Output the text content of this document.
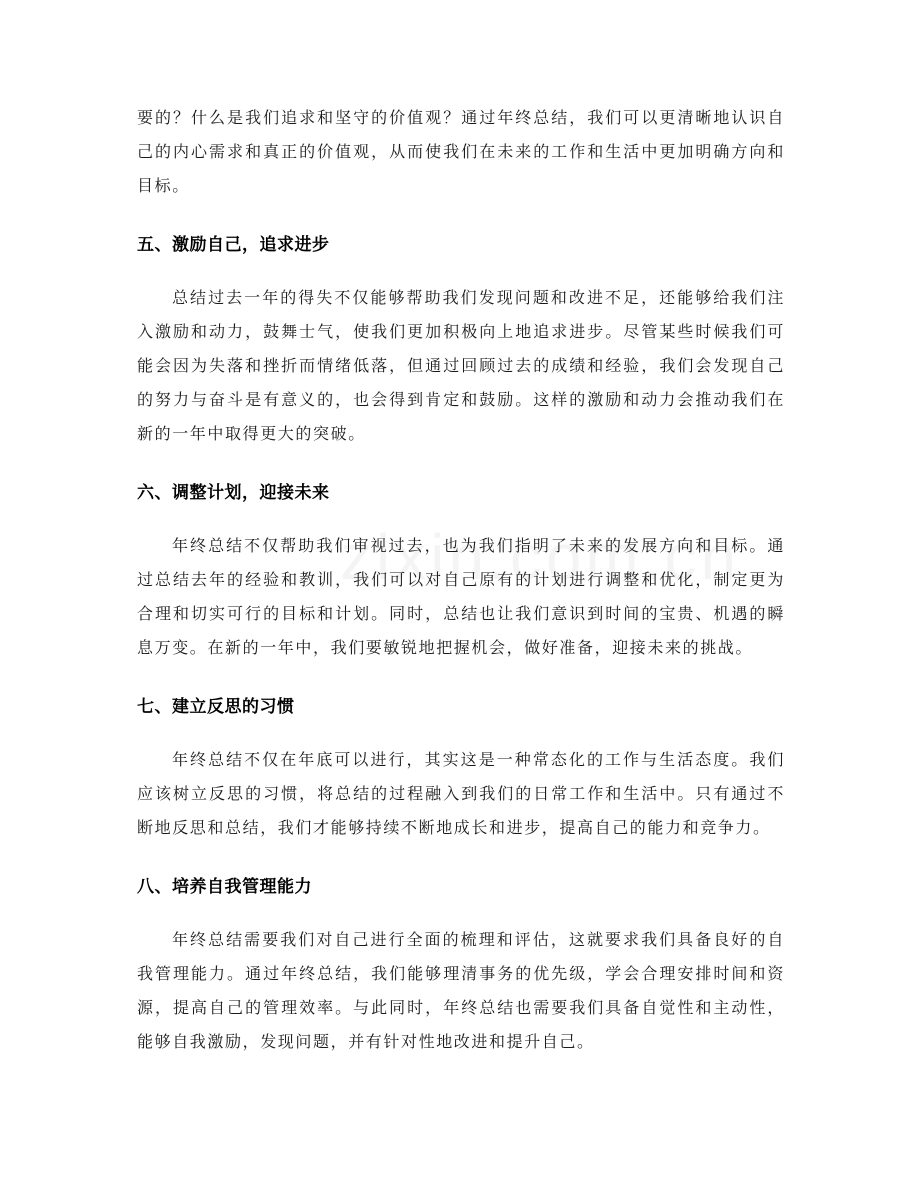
要的？什么是我们追求和坚守的价值观？通过年终总结，我们可以更清晰地认识自己的内心需求和真正的价值观，从而使我们在未来的工作和生活中更加明确方向和目标。

五、激励自己，追求进步

总结过去一年的得失不仅能够帮助我们发现问题和改进不足，还能够给我们注入激励和动力，鼓舞士气，使我们更加积极向上地追求进步。尽管某些时候我们可能会因为失落和挫折而情绪低落，但通过回顾过去的成绩和经验，我们会发现自己的努力与奋斗是有意义的，也会得到肯定和鼓励。这样的激励和动力会推动我们在新的一年中取得更大的突破。

六、调整计划，迎接未来

年终总结不仅帮助我们审视过去，也为我们指明了未来的发展方向和目标。通过总结去年的经验和教训，我们可以对自己原有的计划进行调整和优化，制定更为合理和切实可行的目标和计划。同时，总结也让我们意识到时间的宝贵、机遇的瞬息万变。在新的一年中，我们要敏锐地把握机会，做好准备，迎接未来的挑战。

七、建立反思的习惯

年终总结不仅在年底可以进行，其实这是一种常态化的工作与生活态度。我们应该树立反思的习惯，将总结的过程融入到我们的日常工作和生活中。只有通过不断地反思和总结，我们才能够持续不断地成长和进步，提高自己的能力和竞争力。

八、培养自我管理能力

年终总结需要我们对自己进行全面的梳理和评估，这就要求我们具备良好的自我管理能力。通过年终总结，我们能够理清事务的优先级，学会合理安排时间和资源，提高自己的管理效率。与此同时，年终总结也需要我们具备自觉性和主动性，能够自我激励，发现问题，并有针对性地改进和提升自己。
